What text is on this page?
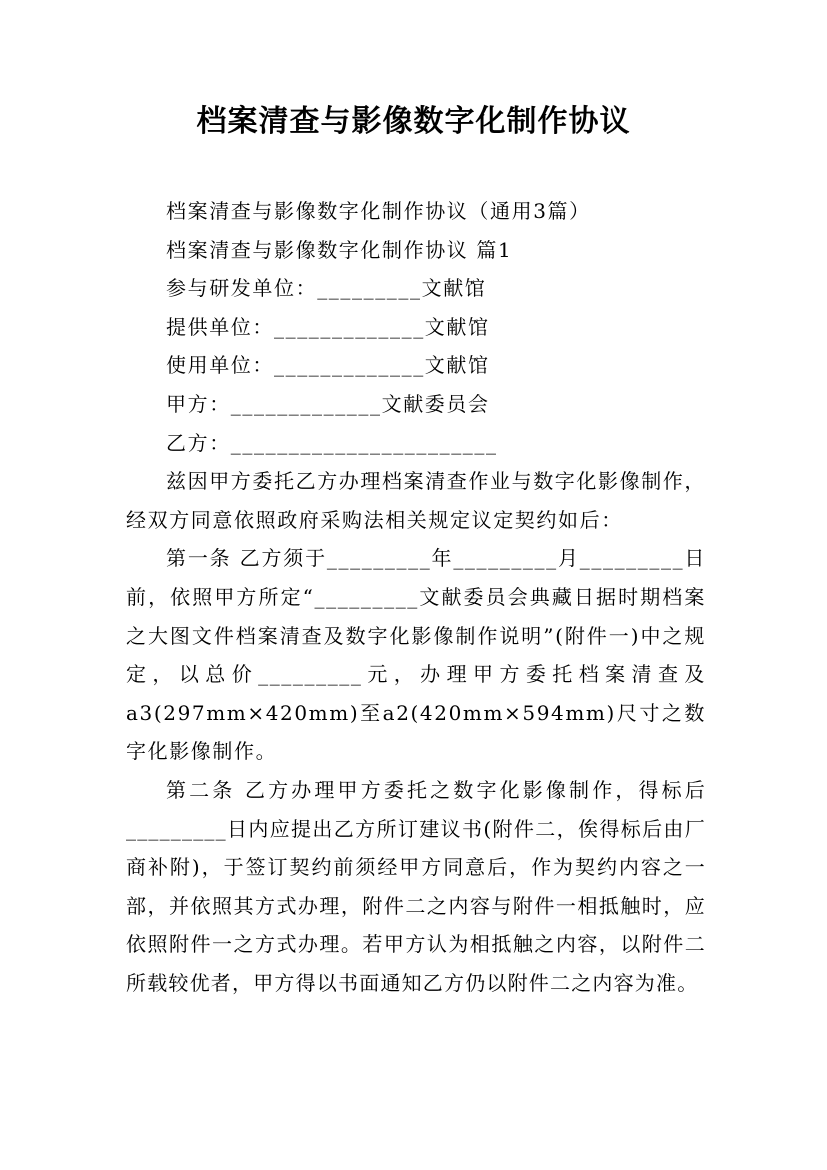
档案清查与影像数字化制作协议

档案清查与影像数字化制作协议（通用3篇）

档案清查与影像数字化制作协议 篇1

参与研发单位：_________文献馆

提供单位：_____________文献馆

使用单位：_____________文献馆

甲方：_____________文献委员会

乙方：_______________________

兹因甲方委托乙方办理档案清查作业与数字化影像制作，经双方同意依照政府采购法相关规定议定契约如后：

第一条 乙方须于_________年_________月_________日前，依照甲方所定“_________文献委员会典藏日据时期档案之大图文件档案清查及数字化影像制作说明”(附件一)中之规定，以总价_________元，办理甲方委托档案清查及a3(297mm×420mm)至a2(420mm×594mm)尺寸之数字化影像制作。

第二条 乙方办理甲方委托之数字化影像制作，得标后_________日内应提出乙方所订建议书(附件二，俟得标后由厂商补附)，于签订契约前须经甲方同意后，作为契约内容之一部，并依照其方式办理，附件二之内容与附件一相抵触时，应依照附件一之方式办理。若甲方认为相抵触之内容，以附件二所载较优者，甲方得以书面通知乙方仍以附件二之内容为准。
